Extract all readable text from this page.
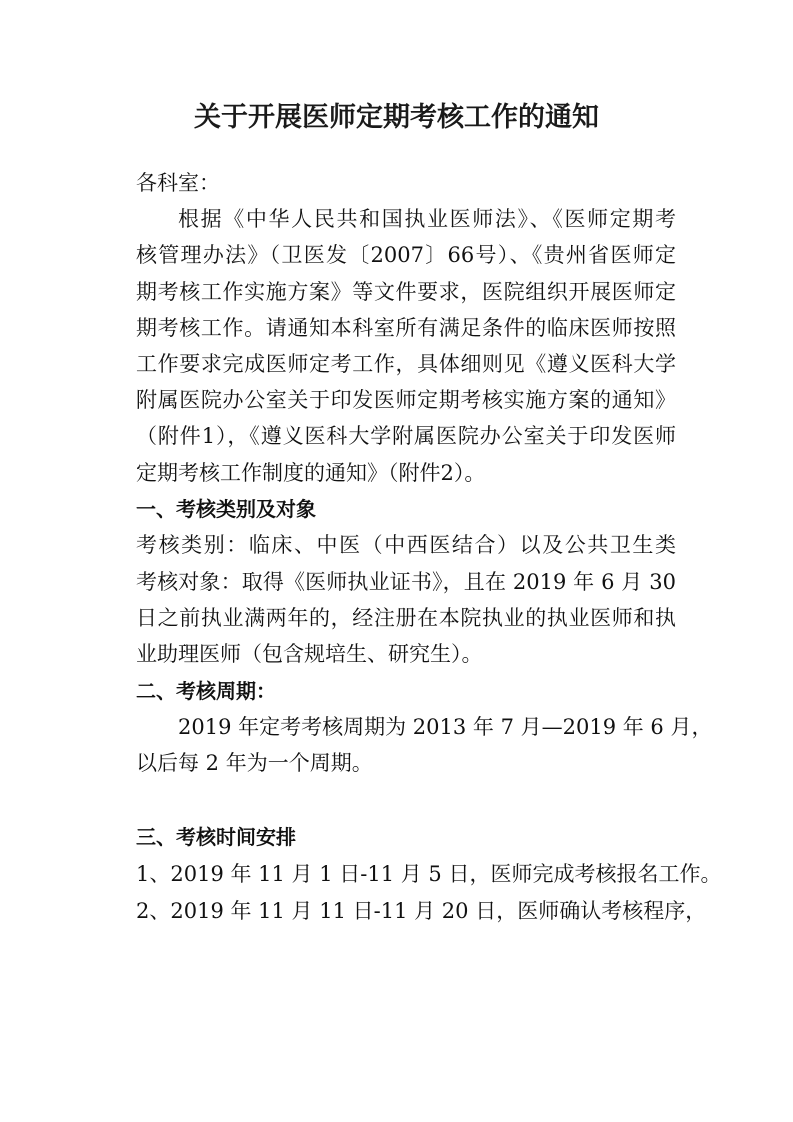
关于开展医师定期考核工作的通知
各科室：
根据《中华人民共和国执业医师法》、《医师定期考
核管理办法》（卫医发〔2007〕66号）、《贵州省医师定
期考核工作实施方案》等文件要求，医院组织开展医师定
期考核工作。请通知本科室所有满足条件的临床医师按照
工作要求完成医师定考工作，具体细则见《遵义医科大学
附属医院办公室关于印发医师定期考核实施方案的通知》
（附件1），《遵义医科大学附属医院办公室关于印发医师
定期考核工作制度的通知》（附件2）。
一、考核类别及对象
考核类别：临床、中医（中西医结合）以及公共卫生类
考核对象：取得《医师执业证书》，且在 2019 年 6 月 30
日之前执业满两年的，经注册在本院执业的执业医师和执
业助理医师（包含规培生、研究生）。
二、考核周期：
2019 年定考考核周期为 2013 年 7 月—2019 年 6 月，
以后每 2 年为一个周期。
三、考核时间安排
1、2019 年 11 月 1 日-11 月 5 日，医师完成考核报名工作。
2、2019 年 11 月 11 日-11 月 20 日，医师确认考核程序，
